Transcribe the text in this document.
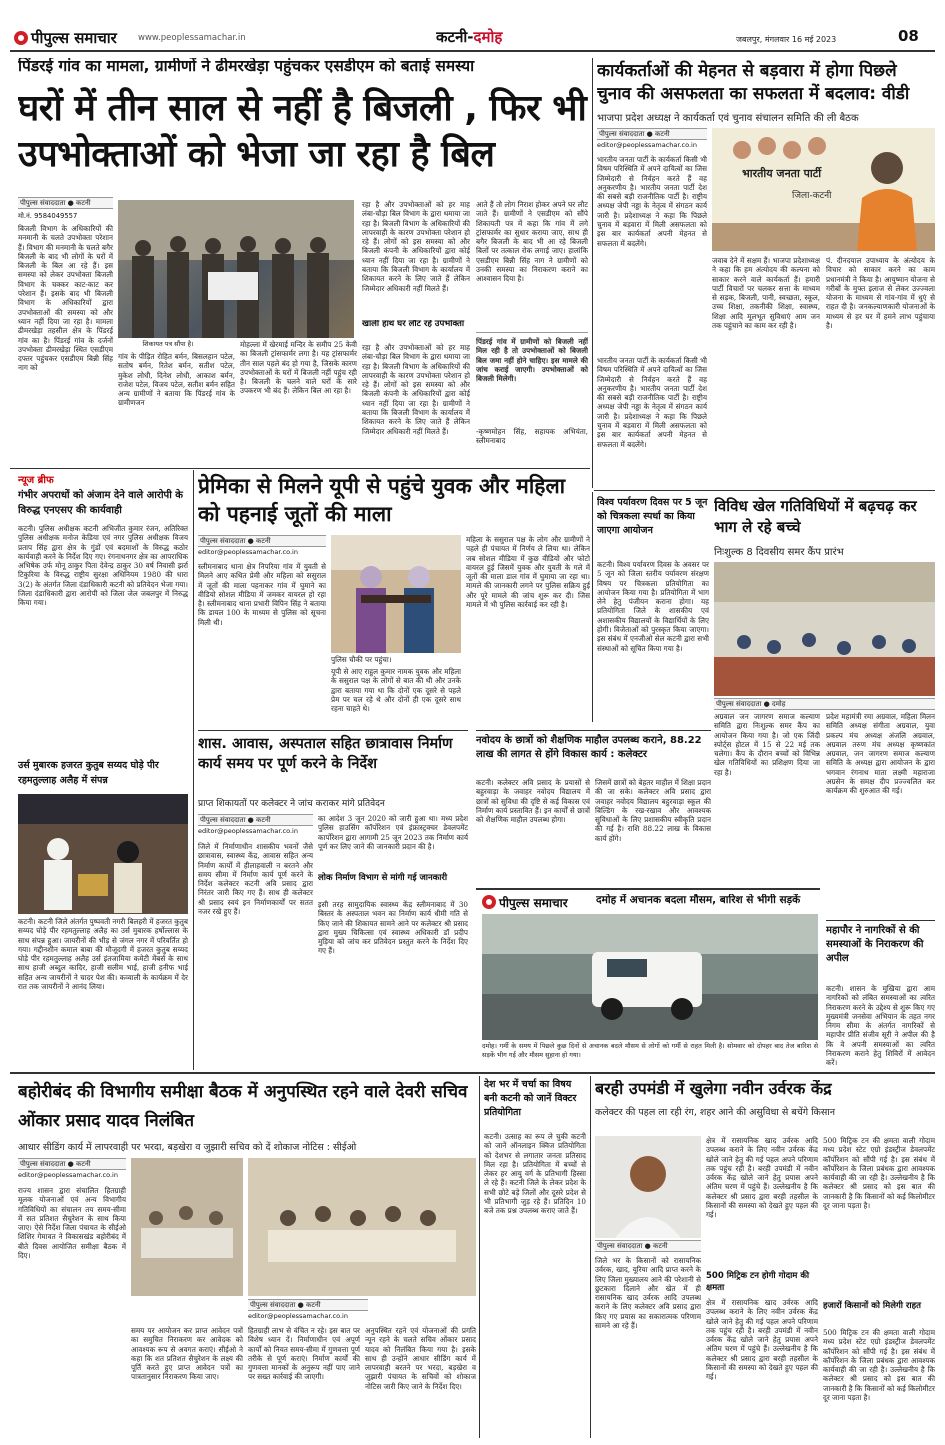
पीपुल्स समाचार www.peoplessamachar.in	कटनी-दमोह	जबलपुर, मंगलवार 16 मई 2023	08
पिंडरई गांव का मामला, ग्रामीणों ने ढीमरखेड़ा पहुंचकर एसडीएम को बताई समस्या
घरों में तीन साल से नहीं है बिजली , फिर भी उपभोक्ताओं को भेजा जा रहा है बिल
पीपुल्स संवाददाता ● कटनी
मो.नं. 9584049557
बिजली विभाग के अधिकारियों की मनमानी के चलते उपभोक्ता परेशान हैं। विभाग की मनमानी के चलते बगैर बिजली के बाद भी लोगों के घरों में बिजली के बिल आ रहे हैं। इस समस्या को लेकर उपभोक्ता बिजली विभाग के चक्कर काट-काट कर परेशान हैं। इसके बाद भी बिजली विभाग के अधिकारियों द्वारा उपभोक्ताओं की समस्या को और ध्यान नहीं दिया जा रहा है। मामला ढीमरखेड़ा तहसील क्षेत्र के पिंडरई गांव का है। पिंडरई गांव के दर्जनों उपभोक्ता ढीमरखेड़ा स्थित एसडीएम दफ्तर पहुंचकर एसडीएम बिन्नी सिंह नाग को
शिकायत पत्र सौंपा है।
गांव के पीड़ित रोहित बर्मन, बिसलहान पटेल, सतोष बर्मन, रितेश बर्मन, सतीश पटेल, मुकेश लोधी, दिनेश लोधी, आकाश बर्मन, राजेश पटेल, विजय पटेल, सतीश बर्मन सहित अन्य ग्रामीणों ने बताया कि पिंडरई गांव के ग्रामीणजन
मोहल्ला में खेरमाई मन्दिर के समीप 25 केवी का बिजली ट्रांसफार्मर लगा है। यह ट्रांसफार्मर तीन साल पहले बंद हो गया है, जिसके कारण उपभोक्ताओं के घरों में बिजली नहीं पहुंच रही है। बिजली के चलने वाले घरों के सारे उपकरण भी बंद हैं। लेकिन बिल आ रहा है।
रहा है और उपभोक्ताओं को हर माह लंबा-चौड़ा बिल विभाग के द्वारा थमाया जा रहा है। बिजली विभाग के अधिकारियों की लापरवाही के कारण उपभोक्ता परेशान हो रहे हैं। लोगों को इस समस्या को और बिजली कंपनी के अधिकारियों द्वारा कोई ध्यान नहीं दिया जा रहा है। ग्रामीणों ने बताया कि बिजली विभाग के कार्यालय में शिकायत करने के लिए जाते हैं लेकिन जिम्मेदार अधिकारी नहीं मिलते हैं।
खाली हाथ घर लौट रहे उपभोक्ता
रहा है और उपभोक्ताओं को हर माह लंबा-चौड़ा बिल विभाग के द्वारा थमाया जा रहा है। बिजली विभाग के अधिकारियों की लापरवाही के कारण उपभोक्ता परेशान हो रहे हैं। लोगों को इस समस्या को और बिजली कंपनी के अधिकारियों द्वारा कोई ध्यान नहीं दिया जा रहा है। ग्रामीणों ने बताया कि बिजली विभाग के कार्यालय में शिकायत करने के लिए जाते हैं लेकिन जिम्मेदार अधिकारी नहीं मिलते हैं।
आते हैं तो लोग निराश होकर अपने घर लौट जाते हैं। ग्रामीणों ने एसडीएम को सौंपे शिकायती पत्र में कहा कि गांव में लगे ट्रांसफार्मर का सुधार कराया जाए, साथ ही बगैर बिजली के बाद भी आ रहे बिजली बिलों पर तत्काल रोक लगाई जाए। हालांकि एसडीएम बिन्नी सिंह नाग ने ग्रामीणों को उनकी समस्या का निराकरण कराने का आश्वासन दिया है।
पिंडरई गांव में ग्रामीणों को बिजली नहीं मिल रही है तो उपभोक्ताओं को बिजली बिल जमा नहीं होने चाहिए। इस मामले की जांच कराई जाएगी। उपभोक्ताओं को बिजली मिलेगी।
-कृष्णमोहन सिंह, सहायक अभियंता, स्लीमनाबाद
कार्यकर्ताओं की मेहनत से बड़वारा में होगा पिछले चुनाव की असफलता का सफलता में बदलाव: वीडी
भाजपा प्रदेश अध्यक्ष ने कार्यकर्ता एवं चुनाव संचालन समिति की ली बैठक
पीपुल्स संवाददाता ● कटनी
editor@peoplessamachar.co.in
भारतीय जनता पार्टी के कार्यकर्ता किसी भी विषम परिस्थिति में अपने दायित्वों का जिस जिम्मेदारी से निर्वहन करते हैं वह अनुकरणीय है। भारतीय जनता पार्टी देश की सबसे बड़ी राजनीतिक पार्टी है। राष्ट्रीय अध्यक्ष जेपी नड्डा के नेतृत्व में संगठन कार्य जारी है। प्रदेशाध्यक्ष ने कहा कि पिछले चुनाव में बड़वारा में मिली असफलता को इस बार कार्यकर्ता अपनी मेहनत से सफलता में बदलेंगे।
भारतीय जनता पार्टी के कार्यकर्ता किसी भी विषम परिस्थिति में अपने दायित्वों का जिस जिम्मेदारी से निर्वहन करते हैं वह अनुकरणीय है। भारतीय जनता पार्टी देश की सबसे बड़ी राजनीतिक पार्टी है। राष्ट्रीय अध्यक्ष जेपी नड्डा के नेतृत्व में संगठन कार्य जारी है। प्रदेशाध्यक्ष ने कहा कि पिछले चुनाव में बड़वारा में मिली असफलता को इस बार कार्यकर्ता अपनी मेहनत से सफलता में बदलेंगे।
भारतीय जनता पार्टी
जिला-कटनी
जवाब देने में सक्षम हैं। भाजपा प्रदेशाध्यक्ष ने कहा कि हम अंत्योदय की कल्पना को साकार करने वाले कार्यकर्ता हैं। हमारी पार्टी विचारों पर चलकर सत्ता के माध्यम से सड़क, बिजली, पानी, स्वच्छता, स्कूल, उच्च शिक्षा, तकनीकी शिक्षा, स्वास्थ्य, शिक्षा आदि मूलभूत सुविधाएं आम जन तक पहुंचाने का काम कर रही है।
पं. दीनदयाल उपाध्याय के अंत्योदय के विचार को साकार करने का काम प्रधानमंत्री ने किया है। आयुष्मान योजना से गरीबों के मुफ्त इलाज से लेकर उज्ज्वला योजना के माध्यम से गांव-गांव में धुएं से राहत दी है। जनकल्याणकारी योजनाओं के माध्यम से हर घर में हमने लाभ पहुंचाया है।
न्यूज ब्रीफ
गंभीर अपराधों को अंजाम देने वाले आरोपी के विरुद्ध एनएसए की कार्यवाही
कटनी। पुलिस अधीक्षक कटनी अभिजीत कुमार रंजन, अतिरिक्त पुलिस अधीक्षक मनोज केडिया एवं नगर पुलिस अधीक्षक विजय प्रताप सिंह द्वारा क्षेत्र के गुंडों एवं बदमाशों के विरुद्ध कठोर कार्यवाही करने के निर्देश दिए गए। रंगनाथनगर क्षेत्र का आपराधिक अभिषेक उर्फ मोनू ठाकुर पिता देवेन्द्र ठाकुर 30 वर्ष निवासी झर्रा टिकुरिया के विरुद्ध राष्ट्रीय सुरक्षा अधिनियम 1980 की धारा 3(2) के अंतर्गत जिला दंडाधिकारी कटनी को प्रतिवेदन भेजा गया। जिला दंडाधिकारी द्वारा आरोपी को जिला जेल जबलपुर में निरुद्ध किया गया।
उर्स मुबारक हजरत कुतुब सय्यद घोड़े पीर रहमतुल्लाह अलैह में संपन्न
कटनी। कटनी जिले अंतर्गत पुष्पवती नगरी बिलहरी में हजरत कुतुब सय्यद घोड़े पीर रहमतुल्लाह अलैह का उर्स मुबारक हर्षोल्लास के साथ संपन्न हुआ। जायरीनों की भीड़ से जंगल नगर में परिवर्तित हो गया। गद्दीनशीन कमाल बाबा की मौजूदगी में हजरत कुतुब सय्यद घोड़े पीर रहमतुल्लाह अलैह उर्स इंतजामिया कमेटी मेंबर्स के साथ साथ हाजी अब्दुल कादिर, हाजी सलीम भाई, हाजी हनीफ भाई सहित अन्य जायरीनों ने चादर पेश की। कव्वाली के कार्यक्रम में देर रात तक जायरीनों ने आनंद लिया।
प्रेमिका से मिलने यूपी से पहुंचे युवक और महिला को पहनाई जूतों की माला
पीपुल्स संवाददाता ● कटनी
editor@peoplessamachar.co.in
स्लीमनाबाद थाना क्षेत्र निपरिया गांव में युवती से मिलने आए कथित प्रेमी और महिला को ससुराल में जूतों की माला पहनाकर गांव में घुमाने का वीडियो सोशल मीडिया में जमकर वायरल हो रहा है। स्लीमनाबाद थाना प्रभारी विपिन सिंह ने बताया कि डायल 100 के माध्यम से पुलिस को सूचना मिली थी।
पुलिस चौकी पर पहुंचा।
यूपी से आए राहुल कुमार नामक युवक और महिला के ससुराल पक्ष के लोगों से बात की थी और उनके द्वारा बताया गया था कि दोनों एक दूसरे से पहले प्रेम पर चल रहे थे और दोनों ही एक दूसरे साथ रहना चाहते थे।
महिला के ससुराल पक्ष के लोग और ग्रामीणों ने पहले ही पंचायत में निर्णय ले लिया था। लेकिन जब सोशल मीडिया में कुछ वीडियो और फोटो वायरल हुई जिसमें युवक और युवती के गले में जूतों की माला डाल गांव में घुमाया जा रहा था। मामले की जानकारी लगने पर पुलिस सक्रिय हुई और पूरे मामले की जांच शुरू कर दी। जिस मामले में भी पुलिस कार्रवाई कर रही है।
विश्व पर्यावरण दिवस पर 5 जून को चित्रकला स्पर्धा का किया जाएगा आयोजन
कटनी। विश्व पर्यावरण दिवस के अवसर पर 5 जून को जिला स्तरीय पर्यावरण संरक्षण विषय पर चित्रकला प्रतियोगिता का आयोजन किया गया है। प्रतियोगिता में भाग लेने हेतु पंजीयन कराना होगा। यह प्रतियोगिता जिले के शासकीय एवं अशासकीय विद्यालयों के विद्यार्थियों के लिए होगी। विजेताओं को पुरस्कृत किया जाएगा। इस संबंध में एनजीओ सेल कटनी द्वारा सभी संस्थाओं को सूचित किया गया है।
विविध खेल गतिविधियों में बढ़चढ़ कर भाग ले रहे बच्चे
निःशुल्क 8 दिवसीय समर कैंप प्रारंभ
पीपुल्स संवाददाता ● दमोह
अग्रवाल जन जागरण समाज कल्याण समिति द्वारा निःशुल्क समर कैंप का आयोजन किया गया है। जो एक जिंदी स्पोर्ट्स होटल में 15 से 22 मई तक चलेगा। कैंप के दौरान बच्चों को विभिन्न खेल गतिविधियों का प्रशिक्षण दिया जा रहा है।
प्रदेश महामंत्री रमा अग्रवाल, महिला मिलन समिति अध्यक्ष संगीता अग्रवाल, युवा प्रकल्प मंच अध्यक्ष अंजलि अग्रवाल, अग्रवाल तरुण मंच अध्यक्ष कृष्णकांत अग्रवाल, जन जागरण समाज कल्याण समिति के अध्यक्ष द्वारा आयोजन के द्वारा भगवान रंगनाथ माता लक्ष्मी महाराजा अग्रसेन के समक्ष दीप प्रज्ज्वलित कर कार्यक्रम की शुरुआत की गई।
नवोदय के छात्रों को शैक्षणिक माहौल उपलब्ध कराने, 88.22 लाख की लागत से होंगे विकास कार्य : कलेक्टर
कटनी। कलेक्टर अवि प्रसाद के प्रयासों से बहुरवाड़ा के जवाहर नवोदय विद्यालय में छात्रों को सुविधा की दृष्टि से कई विकास एवं निर्माण कार्य प्रस्तावित हैं। इन कार्यों से छात्रों को शैक्षणिक माहौल उपलब्ध होगा।
जिसमें छात्रों को बेहतर माहौल में शिक्षा प्रदान की जा सके। कलेक्टर अवि प्रसाद द्वारा जवाहर नवोदय विद्यालय बहुरवाड़ा स्कूल की बिल्डिंग के रख-रखाव और आवश्यक सुविधाओं के लिए प्रशासकीय स्वीकृति प्रदान की गई है। राशि 88.22 लाख के विकास कार्य होंगे।
शास. आवास, अस्पताल सहित छात्रावास निर्माण कार्य समय पर पूर्ण करने के निर्देश
प्राप्त शिकायतों पर कलेक्टर ने जांच कराकर मांगे प्रतिवेदन
पीपुल्स संवाददाता ● कटनी
editor@peoplessamachar.co.in
जिले में निर्माणाधीन शासकीय भवनों जैसे छात्रावास, स्वास्थ्य केंद्र, आवास सहित अन्य निर्माण कार्यों में हीलाहवाली न बरतने और समय सीमा में निर्माण कार्य पूर्ण करने के निर्देश कलेक्टर कटनी अवि प्रसाद द्वारा निरंतर जारी किए गए हैं। साथ ही कलेक्टर श्री प्रसाद स्वयं इन निर्माणकार्यों पर सतत नजर रखे हुए हैं।
का आदेश 3 जून 2020 को जारी हुआ था। मध्य प्रदेश पुलिस हाउसिंग कॉर्पोरेशन एवं इंफ्रास्ट्रक्चर डेवलपमेंट कार्पोरेशन द्वारा आगामी 25 जून 2023 तक निर्माण कार्य पूर्ण कर लिए जाने की जानकारी प्रदान की है।
लोक निर्माण विभाग से मांगी गई जानकारी
इसी तरह सामुदायिक स्वास्थ्य केंद्र स्लीमनाबाद में 30 बिस्तर के अस्पताल भवन का निर्माण कार्य धीमी गति से किए जाने की शिकायत सामने आने पर कलेक्टर श्री प्रसाद द्वारा मुख्य चिकित्सा एवं स्वास्थ्य अधिकारी डॉ प्रदीप मुड़िया को जांच कर प्रतिवेदन प्रस्तुत करने के निर्देश दिए गए हैं।
पीपुल्स समाचार	दमोह में अचानक बदला मौसम, बारिश से भीगी सड़कें
दमोह। गर्मी के समय में पिछले कुछ दिनों से अचानक बदले मौसम से लोगों को गर्मी से राहत मिली है। सोमवार को दोपहर बाद तेज बारिश से सड़कें भीग गईं और मौसम सुहाना हो गया।
महापौर ने नागरिकों से की समस्याओं के निराकरण की अपील
कटनी। शासन के मुखिया द्वारा आम नागरिकों को लंबित समस्याओं का त्वरित निराकरण करने के उद्देश्य से शुरू किए गए मुख्यमंत्री जनसेवा अभियान के तहत नगर निगम सीमा के अंतर्गत नागरिकों से महापौर प्रीति संजीव सूरी ने अपील की है कि वे अपनी समस्याओं का त्वरित निराकरण कराने हेतु शिविरों में आवेदन करें।
बहोरीबंद की विभागीय समीक्षा बैठक में अनुपस्थित रहने वाले देवरी सचिव ओंकार प्रसाद यादव निलंबित
आधार सीडिंग कार्य में लापरवाही पर भरदा, बड़खेरा व जुझारी सचिव को दें शोकाज नोटिस : सीईओ
पीपुल्स संवाददाता ● कटनी
editor@peoplessamachar.co.in
राज्य शासन द्वारा संचालित हितग्राही मूलक योजनाओं एवं अन्य विभागीय गतिविधियों का संचालन तय समय-सीमा में सत प्रतिशत सैचुरेशन के साथ किया जाए। ऐसे निर्देश जिला पंचायत के सीईओ शिशिर गेमावत ने विकासखंड बहोरीबंद में बीते दिवस आयोजित समीक्षा बैठक में दिए।
पीपुल्स संवाददाता ● कटनी
editor@peoplessamachar.co.in
समय पर आयोजन कर प्राप्त आवेदन पत्रों का समुचित निराकरण कर आवेदक को आवश्यक रूप से अवगत कराएं। सीईओ ने कहा कि शत प्रतिशत सैचुरेशन के लक्ष्य की पूर्ति करते हुए प्राप्त आवेदन पत्रों का पात्रतानुसार निराकरण किया जाए।
हितग्राही लाभ से वंचित न रहे। इस बात पर विशेष ध्यान दें। निर्माणाधीन एवं अपूर्ण कार्यों को नियत समय-सीमा में गुणवत्ता पूर्ण तरीके से पूर्ण कराएं। निर्माण कार्यों की गुणवत्ता मानकों के अनुरूप नहीं पाए जाने पर सख्त कार्रवाई की जाएगी।
अनुपस्थित रहने एवं योजनाओं की प्रगति न्यून रहने के चलते सचिव ओंकार प्रसाद यादव को निलंबित किया गया है। इसके साथ ही उन्होंने आधार सीडिंग कार्य में लापरवाही बरतने पर भरदा, बड़खेरा व जुझारी पंचायत के सचिवों को शोकाज नोटिस जारी किए जाने के निर्देश दिए।
देश भर में चर्चा का विषय बनी कटनी को जानें विक्टर प्रतियोगिता
कटनी। उत्साह का रूप ले चुकी कटनी को जानें ऑनलाइन क्विज प्रतियोगिता को देशभर से लगातार जनता प्रतिसाद मिल रहा है। प्रतियोगिता में बच्चों से लेकर हर आयु वर्ग के प्रतिभागी हिस्सा ले रहे हैं। कटनी जिले के लेकर प्रदेश के सभी छोटे बड़े जिलों और दूसरे प्रदेश से भी प्रतिभागी जुड़ रहे हैं। प्रतिदिन 10 बजे तक प्रश्न उपलब्ध कराए जाते हैं।
बरही उपमंडी में खुलेगा नवीन उर्वरक केंद्र
कलेक्टर की पहल ला रही रंग, शहर आने की असुविधा से बचेंगे किसान
पीपुल्स संवाददाता ● कटनी
जिले भर के किसानों को रासायनिक उर्वरक, खाद, यूरिया आदि प्राप्त करने के लिए जिला मुख्यालय आने की परेशानी से छुटकारा दिलाने और खेत में ही रासायनिक खाद उर्वरक आदि उपलब्ध कराने के लिए कलेक्टर अवि प्रसाद द्वारा किए गए प्रयास का सकारात्मक परिणाम सामने आ रहे हैं।
क्षेत्र में रासायनिक खाद उर्वरक आदि उपलब्ध कराने के लिए नवीन उर्वरक केंद्र खोले जाने हेतु की गई पहल अपने परिणाम तक पहुंच रही है। बरही उपमंडी में नवीन उर्वरक केंद्र खोले जाने हेतु प्रयास अपने अंतिम चरण में पहुंचे हैं। उल्लेखनीय है कि कलेक्टर श्री प्रसाद द्वारा बरही तहसील के किसानों की समस्या को देखते हुए पहल की गई।
500 मिट्रिक टन होगी गोदाम की क्षमता
क्षेत्र में रासायनिक खाद उर्वरक आदि उपलब्ध कराने के लिए नवीन उर्वरक केंद्र खोले जाने हेतु की गई पहल अपने परिणाम तक पहुंच रही है। बरही उपमंडी में नवीन उर्वरक केंद्र खोले जाने हेतु प्रयास अपने अंतिम चरण में पहुंचे हैं। उल्लेखनीय है कि कलेक्टर श्री प्रसाद द्वारा बरही तहसील के किसानों की समस्या को देखते हुए पहल की गई।
500 मिट्रिक टन की क्षमता वाली गोदाम मध्य प्रदेश स्टेट एग्रो इंडस्ट्रीज डेवलपमेंट कॉर्पोरेशन को सौंपी गई है। इस संबंध में कॉर्पोरेशन के जिला प्रबंधक द्वारा आवश्यक कार्यवाही की जा रही है। उल्लेखनीय है कि कलेक्टर श्री प्रसाद को इस बात की जानकारी है कि किसानों को कई किलोमीटर दूर जाना पड़ता है।
हजारों किसानों को मिलेगी राहत
500 मिट्रिक टन की क्षमता वाली गोदाम मध्य प्रदेश स्टेट एग्रो इंडस्ट्रीज डेवलपमेंट कॉर्पोरेशन को सौंपी गई है। इस संबंध में कॉर्पोरेशन के जिला प्रबंधक द्वारा आवश्यक कार्यवाही की जा रही है। उल्लेखनीय है कि कलेक्टर श्री प्रसाद को इस बात की जानकारी है कि किसानों को कई किलोमीटर दूर जाना पड़ता है।
